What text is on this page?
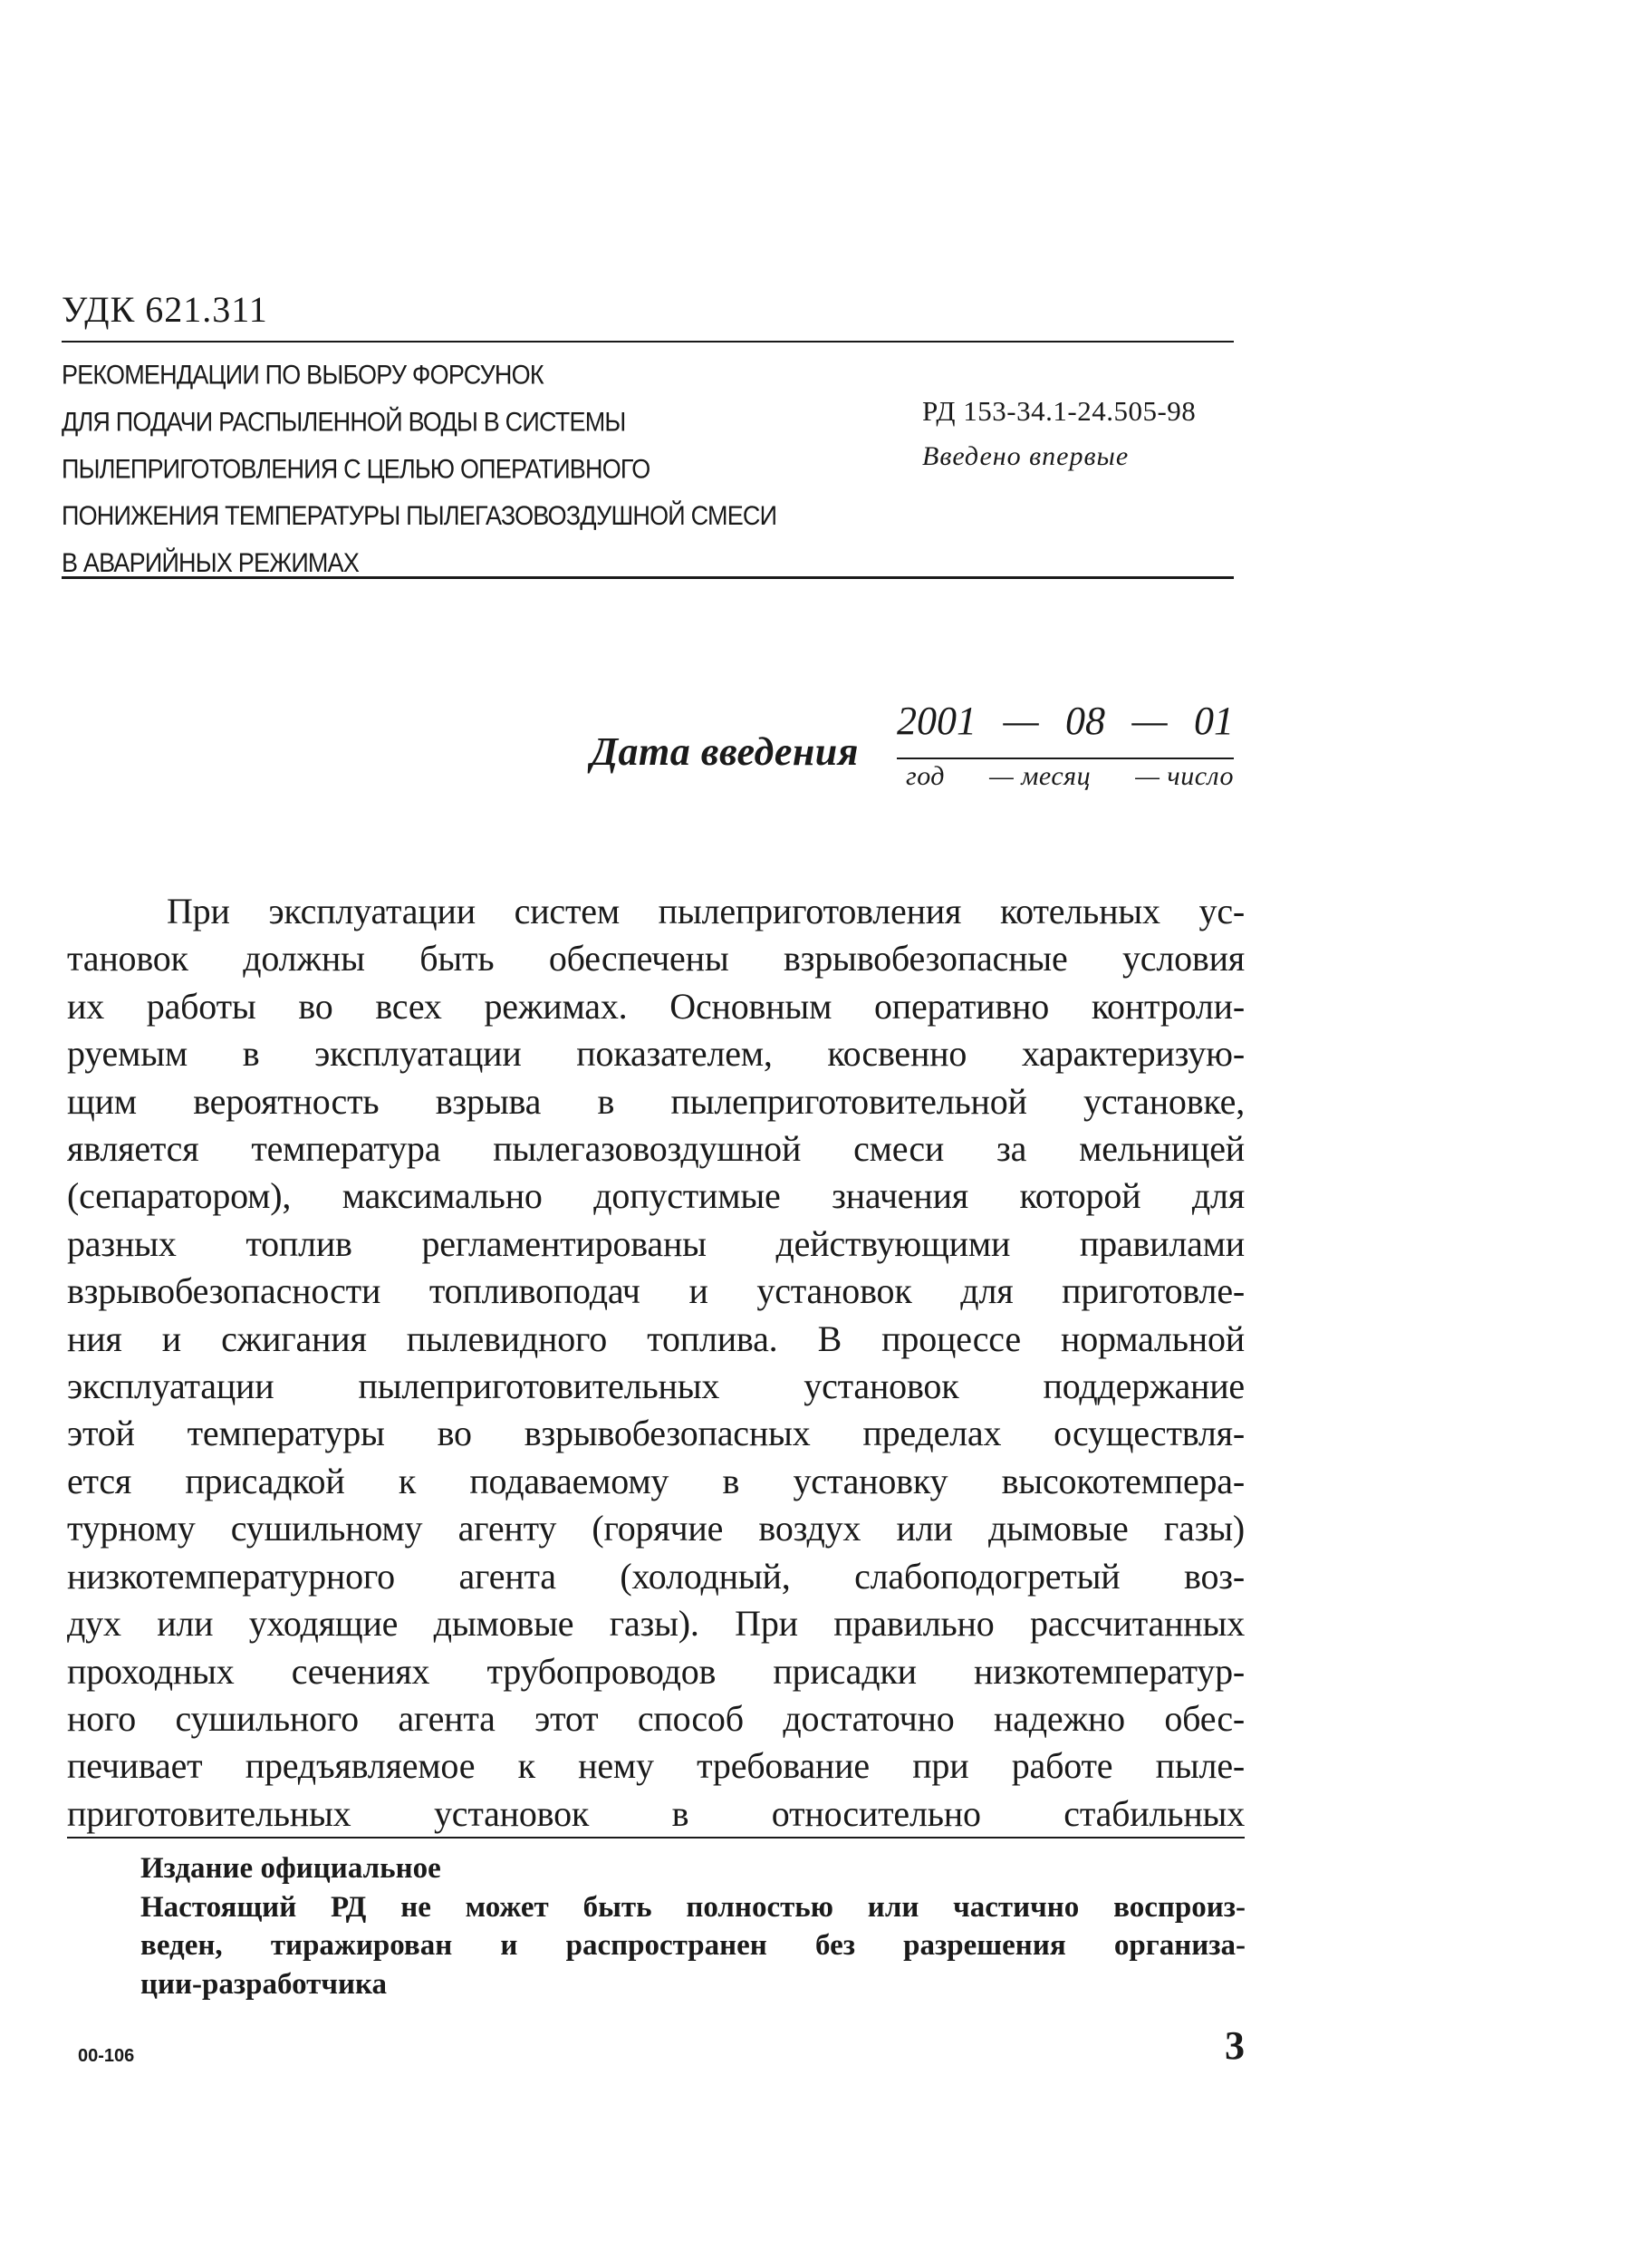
УДК 621.311
РЕКОМЕНДАЦИИ ПО ВЫБОРУ ФОРСУНОК
ДЛЯ ПОДАЧИ РАСПЫЛЕННОЙ ВОДЫ В СИСТЕМЫ
ПЫЛЕПРИГОТОВЛЕНИЯ С ЦЕЛЬЮ ОПЕРАТИВНОГО
ПОНИЖЕНИЯ ТЕМПЕРАТУРЫ ПЫЛЕГАЗОВОЗДУШНОЙ СМЕСИ
В АВАРИЙНЫХ РЕЖИМАХ
РД 153-34.1-24.505-98
Введено впервые
Дата введения
2001 — 08 — 01
год — месяц — число
При эксплуатации систем пылеприготовления котельных ус-
тановок должны быть обеспечены взрывобезопасные условия
их работы во всех режимах. Основным оперативно контроли-
руемым в эксплуатации показателем, косвенно характеризую-
щим вероятность взрыва в пылеприготовительной установке,
является температура пылегазовоздушной смеси за мельницей
(сепаратором), максимально допустимые значения которой для
разных топлив регламентированы действующими правилами
взрывобезопасности топливоподач и установок для приготовле-
ния и сжигания пылевидного топлива. В процессе нормальной
эксплуатации пылеприготовительных установок поддержание
этой температуры во взрывобезопасных пределах осуществля-
ется присадкой к подаваемому в установку высокотемпера-
турному сушильному агенту (горячие воздух или дымовые газы)
низкотемпературного агента (холодный, слабоподогретый воз-
дух или уходящие дымовые газы). При правильно рассчитанных
проходных сечениях трубопроводов присадки низкотемператур-
ного сушильного агента этот способ достаточно надежно обес-
печивает предъявляемое к нему требование при работе пыле-
приготовительных установок в относительно стабильных
Издание официальное
Настоящий РД не может быть полностью или частично воспроиз-
веден, тиражирован и распространен без разрешения организа-
ции-разработчика
00-106	3
